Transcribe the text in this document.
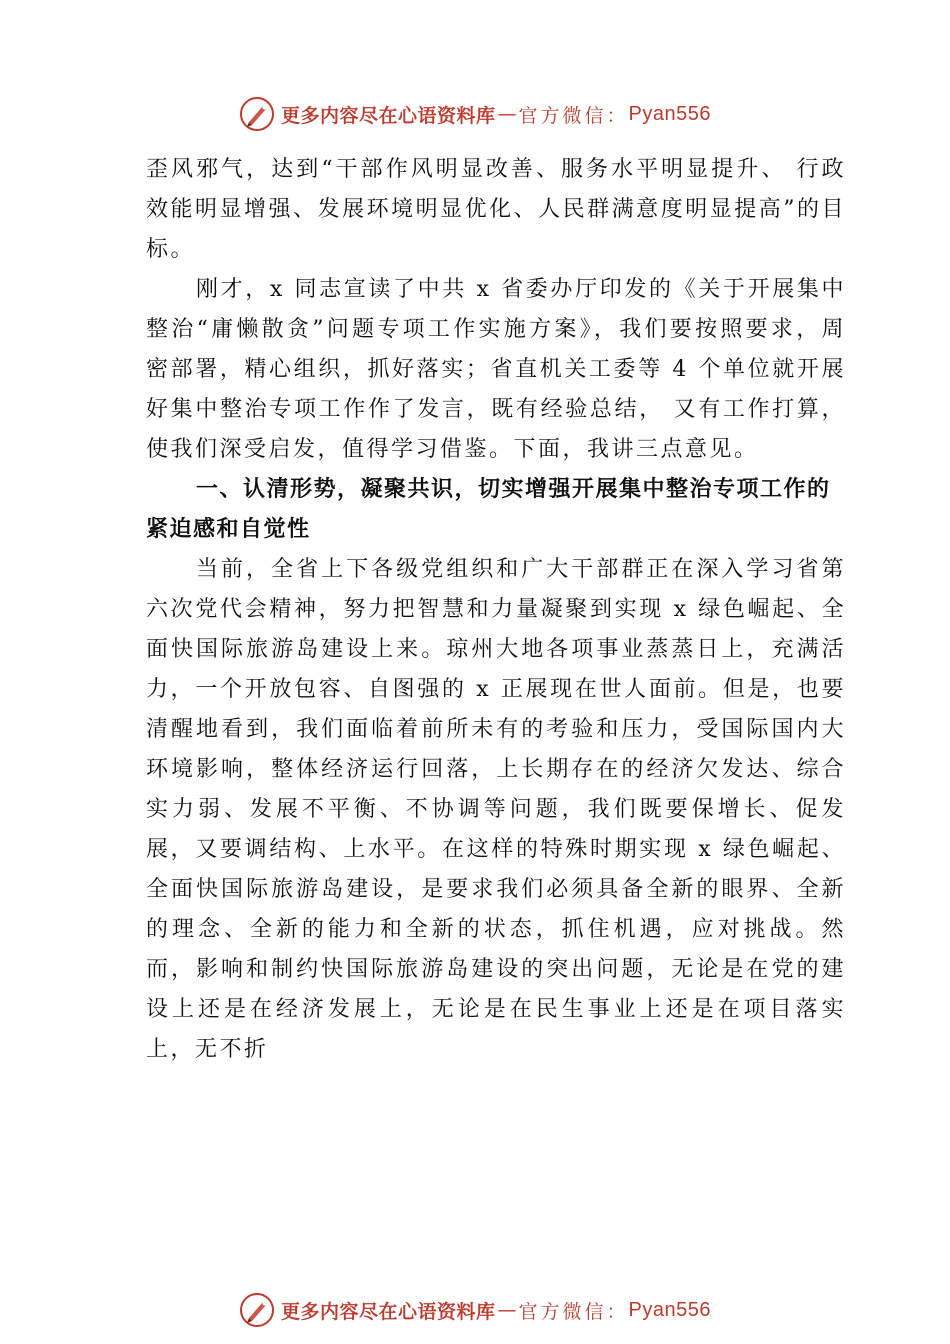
更多内容尽在心语资料库 — 官方微信： Pyan556

歪风邪气，达到“干部作风明显改善、服务水平明显提升、 行政效能明显增强、发展环境明显优化、人民群满意度明显提高”的目标。

刚才，x 同志宣读了中共 x 省委办厅印发的《关于开展集中整治“庸懒散贪”问题专项工作实施方案》，我们要按照要求，周密部署，精心组织，抓好落实；省直机关工委等 4 个单位就开展好集中整治专项工作作了发言，既有经验总结， 又有工作打算，使我们深受启发，值得学习借鉴。下面，我讲三点意见。

一、认清形势，凝聚共识，切实增强开展集中整治专项工作的紧迫感和自觉性

当前，全省上下各级党组织和广大干部群正在深入学习省第六次党代会精神，努力把智慧和力量凝聚到实现 x 绿色崛起、全面快国际旅游岛建设上来。琼州大地各项事业蒸蒸日上，充满活力，一个开放包容、自图强的 x 正展现在世人面前。但是，也要清醒地看到，我们面临着前所未有的考验和压力，受国际国内大环境影响，整体经济运行回落，上长期存在的经济欠发达、综合实力弱、发展不平衡、不协调等问题，我们既要保增长、促发展，又要调结构、上水平。在这样的特殊时期实现 x 绿色崛起、全面快国际旅游岛建设，是要求我们必须具备全新的眼界、全新的理念、全新的能力和全新的状态，抓住机遇，应对挑战。然而，影响和制约快国际旅游岛建设的突出问题，无论是在党的建设上还是在经济发展上，无论是在民生事业上还是在项目落实上，无不折

更多内容尽在心语资料库 — 官方微信： Pyan556
